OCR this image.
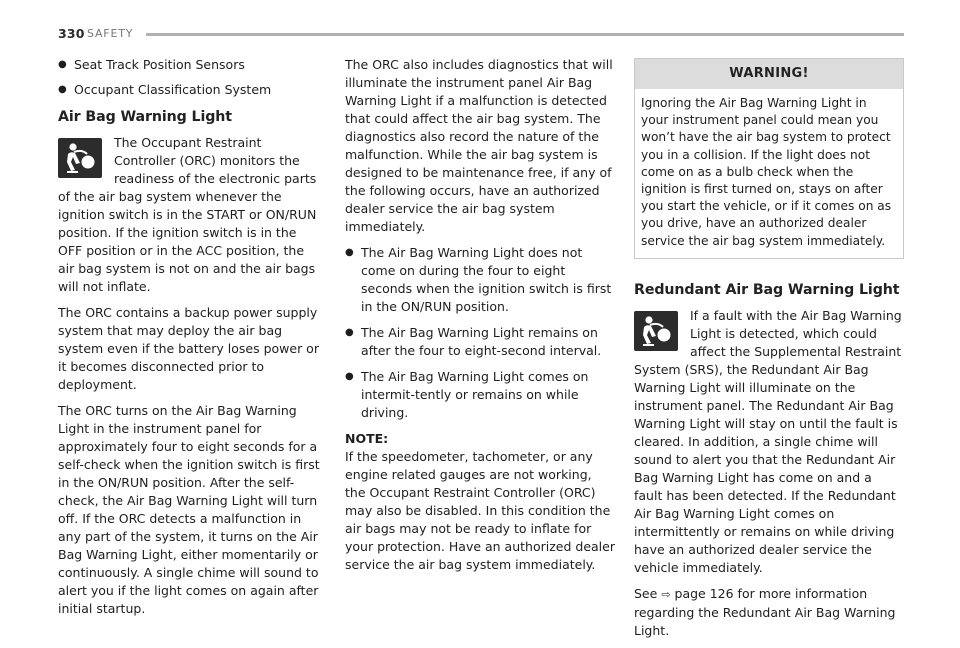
330 SAFETY
● Seat Track Position Sensors
● Occupant Classification System
Air Bag Warning Light

The Occupant Restraint Controller (ORC) monitors the readiness of the electronic parts of the air bag system whenever the ignition switch is in the START or ON/RUN position. If the ignition switch is in the OFF position or in the ACC position, the air bag system is not on and the air bags will not inflate.

The ORC contains a backup power supply system that may deploy the air bag system even if the battery loses power or it becomes disconnected prior to deployment.

The ORC turns on the Air Bag Warning Light in the instrument panel for approximately four to eight seconds for a self-check when the ignition switch is first in the ON/RUN position. After the self-check, the Air Bag Warning Light will turn off. If the ORC detects a malfunction in any part of the system, it turns on the Air Bag Warning Light, either momentarily or continuously. A single chime will sound to alert you if the light comes on again after initial startup.

The ORC also includes diagnostics that will illuminate the instrument panel Air Bag Warning Light if a malfunction is detected that could affect the air bag system. The diagnostics also record the nature of the malfunction. While the air bag system is designed to be maintenance free, if any of the following occurs, have an authorized dealer service the air bag system immediately.

● The Air Bag Warning Light does not come on during the four to eight seconds when the ignition switch is first in the ON/RUN position.
● The Air Bag Warning Light remains on after the four to eight-second interval.
● The Air Bag Warning Light comes on intermit-tently or remains on while driving.
NOTE:

If the speedometer, tachometer, or any engine related gauges are not working, the Occupant Restraint Controller (ORC) may also be disabled. In this condition the air bags may not be ready to inflate for your protection. Have an authorized dealer service the air bag system immediately.

WARNING!
Ignoring the Air Bag Warning Light in your instrument panel could mean you won’t have the air bag system to protect you in a collision. If the light does not come on as a bulb check when the ignition is first turned on, stays on after you start the vehicle, or if it comes on as you drive, have an authorized dealer service the air bag system immediately.
Redundant Air Bag Warning Light

If a fault with the Air Bag Warning Light is detected, which could affect the Supplemental Restraint System (SRS), the Redundant Air Bag Warning Light will illuminate on the instrument panel. The Redundant Air Bag Warning Light will stay on until the fault is cleared. In addition, a single chime will sound to alert you that the Redundant Air Bag Warning Light has come on and a fault has been detected. If the Redundant Air Bag Warning Light comes on intermittently or remains on while driving have an authorized dealer service the vehicle immediately.

See ⇨ page 126 for more information regarding the Redundant Air Bag Warning Light.
